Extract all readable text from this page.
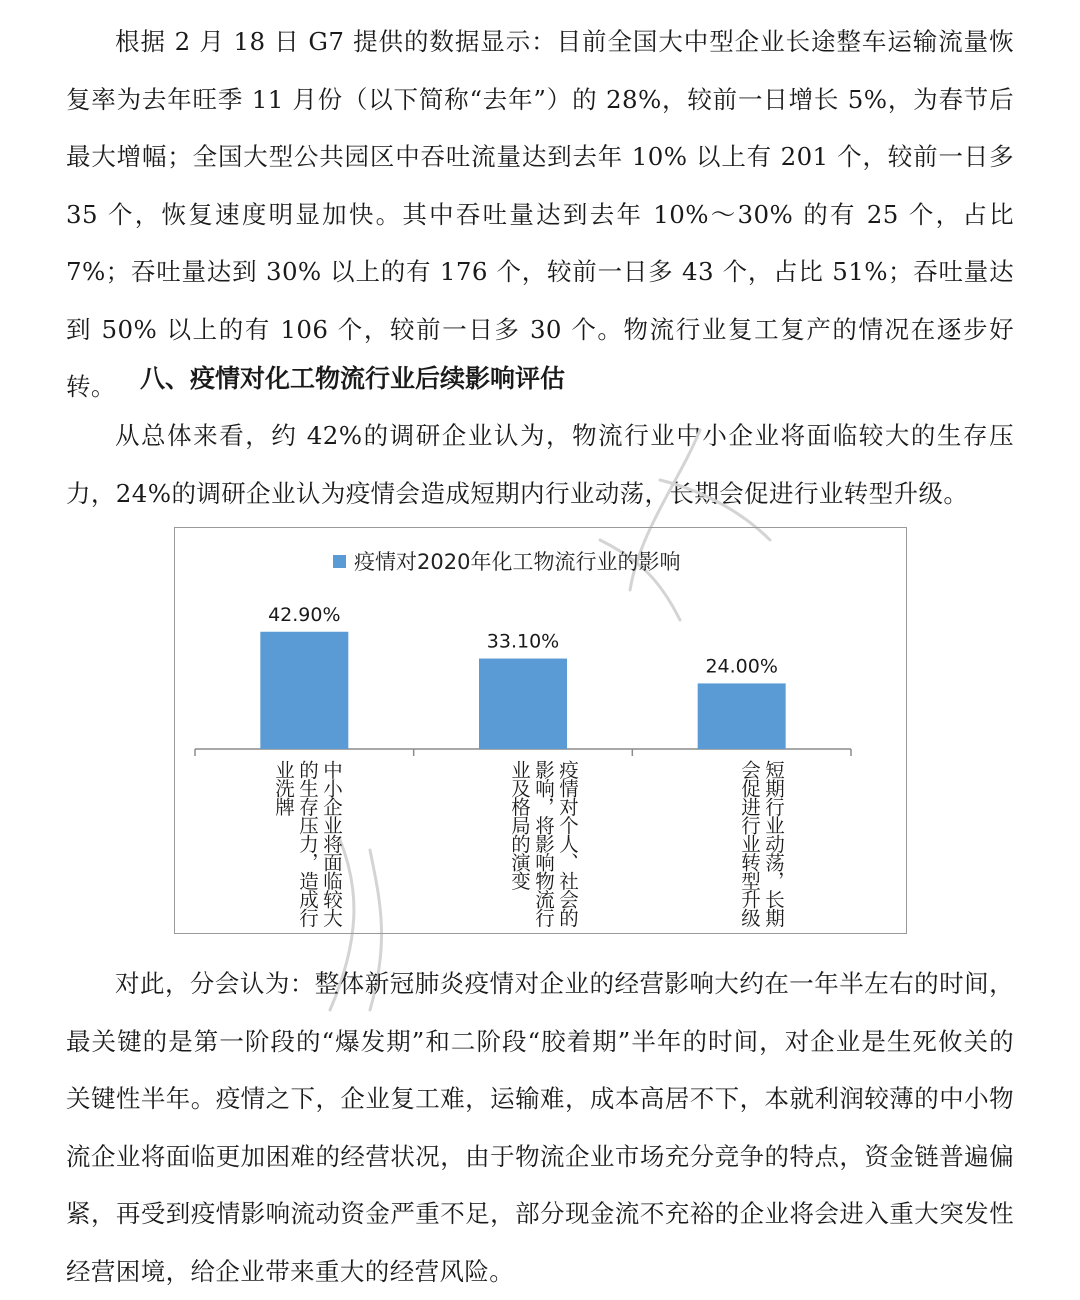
根据 2 月 18 日 G7 提供的数据显示：目前全国大中型企业长途整车运输流量恢复率为去年旺季 11 月份（以下简称“去年”）的 28%，较前一日增长 5%，为春节后最大增幅；全国大型公共园区中吞吐流量达到去年 10% 以上有 201 个，较前一日多 35 个，恢复速度明显加快。其中吞吐量达到去年 10%～30% 的有 25 个，占比 7%；吞吐量达到 30% 以上的有 176 个，较前一日多 43 个，占比 51%；吞吐量达到 50% 以上的有 106 个，较前一日多 30 个。物流行业复工复产的情况在逐步好转。 八、疫情对化工物流行业后续影响评估

从总体来看，约 42%的调研企业认为，物流行业中小企业将面临较大的生存压力，24%的调研企业认为疫情会造成短期内行业动荡，长期会促进行业转型升级。

42.90%
33.10%
24.00%
疫情对2020年化工物流行业的影响
中小企业将面临较大的生存压力，造成行业洗牌	疫情对个人、社会的影响，将影响物流行业及格局的演变	短期行业动荡，长期会促进行业转型升级

对此，分会认为：整体新冠肺炎疫情对企业的经营影响大约在一年半左右的时间，最关键的是第一阶段的“爆发期”和二阶段“胶着期”半年的时间，对企业是生死攸关的关键性半年。疫情之下，企业复工难，运输难，成本高居不下，本就利润较薄的中小物流企业将面临更加困难的经营状况，由于物流企业市场充分竞争的特点，资金链普遍偏紧，再受到疫情影响流动资金严重不足，部分现金流不充裕的企业将会进入重大突发性经营困境，给企业带来重大的经营风险。
